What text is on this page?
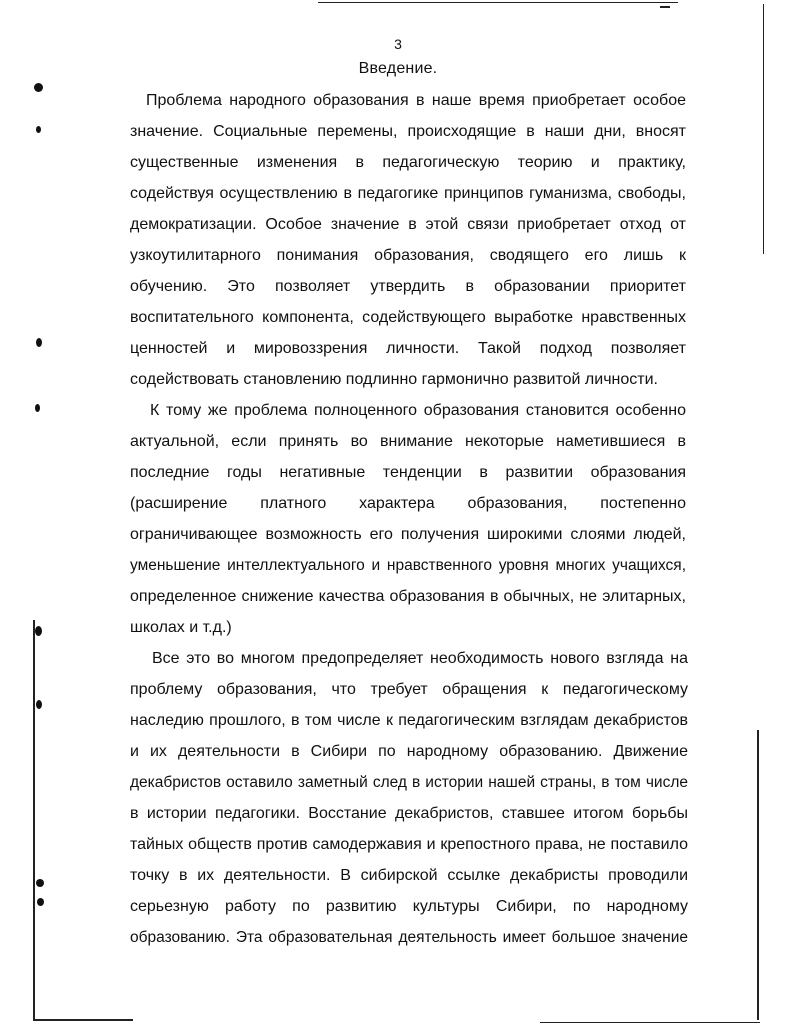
3
Введение.
Проблема народного образования в наше время приобретает особое
значение. Социальные перемены, происходящие в наши дни, вносят
существенные изменения в педагогическую теорию и практику,
содействуя осуществлению в педагогике принципов гуманизма, свободы,
демократизации. Особое значение в этой связи приобретает отход от
узкоутилитарного понимания образования, сводящего его лишь к
обучению. Это позволяет утвердить в образовании приоритет
воспитательного компонента, содействующего выработке нравственных
ценностей и мировоззрения личности. Такой подход позволяет
содействовать становлению подлинно гармонично развитой личности.
К тому же проблема полноценного образования становится особенно
актуальной, если принять во внимание некоторые наметившиеся в
последние годы негативные тенденции в развитии образования
(расширение платного характера образования, постепенно
ограничивающее возможность его получения широкими слоями людей,
уменьшение интеллектуального и нравственного уровня многих учащихся,
определенное снижение качества образования в обычных, не элитарных,
школах и т.д.)
Все это во многом предопределяет необходимость нового взгляда на
проблему образования, что требует обращения к педагогическому
наследию прошлого, в том числе к педагогическим взглядам декабристов
и их деятельности в Сибири по народному образованию. Движение
декабристов оставило заметный след в истории нашей страны, в том числе
в истории педагогики. Восстание декабристов, ставшее итогом борьбы
тайных обществ против самодержавия и крепостного права, не поставило
точку в их деятельности. В сибирской ссылке декабристы проводили
серьезную работу по развитию культуры Сибири, по народному
образованию. Эта образовательная деятельность имеет большое значение
